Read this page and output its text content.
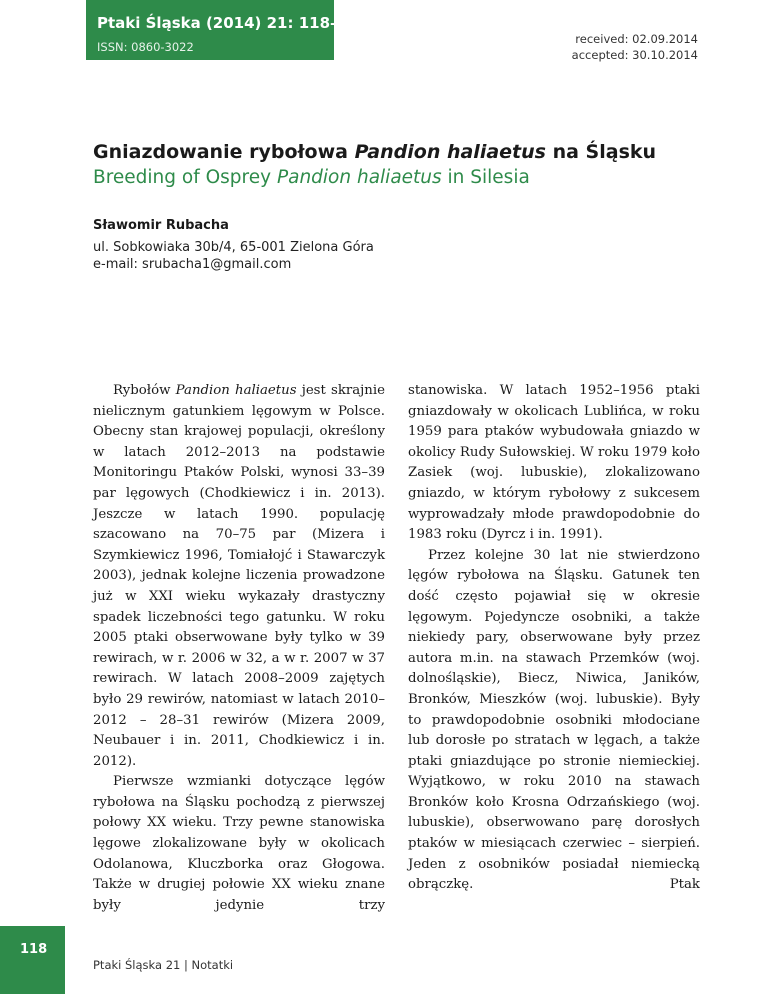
Ptaki Śląska (2014) 21: 118–122
ISSN: 0860-3022
received: 02.09.2014
accepted: 30.10.2014
Gniazdowanie rybołowa Pandion haliaetus na Śląsku
Breeding of Osprey Pandion haliaetus in Silesia
Sławomir Rubacha
ul. Sobkowiaka 30b/4, 65-001 Zielona Góra
e-mail: srubacha1@gmail.com

Rybołów Pandion haliaetus jest skrajnie nielicznym gatunkiem lęgowym w Polsce. Obecny stan krajowej populacji, określony w latach 2012–2013 na podstawie Monitoringu Ptaków Polski, wynosi 33–39 par lęgowych (Chodkiewicz i in. 2013). Jeszcze w latach 1990. populację szacowano na 70–75 par (Mizera i Szymkiewicz 1996, Tomiałojć i Stawarczyk 2003), jednak kolejne liczenia prowadzone już w XXI wieku wykazały drastyczny spadek liczebności tego gatunku. W roku 2005 ptaki obserwowane były tylko w 39 rewirach, w r. 2006 w 32, a w r. 2007 w 37 rewirach. W latach 2008–2009 zajętych było 29 rewirów, natomiast w latach 2010–2012 – 28–31 rewirów (Mizera 2009, Neubauer i in. 2011, Chodkiewicz i in. 2012).

Pierwsze wzmianki dotyczące lęgów rybołowa na Śląsku pochodzą z pierwszej połowy XX wieku. Trzy pewne stanowiska lęgowe zlokalizowane były w okolicach Odolanowa, Kluczborka oraz Głogowa. Także w drugiej połowie XX wieku znane były jedynie trzy

stanowiska. W latach 1952–1956 ptaki gniazdowały w okolicach Lublińca, w roku 1959 para ptaków wybudowała gniazdo w okolicy Rudy Sułowskiej. W roku 1979 koło Zasiek (woj. lubuskie), zlokalizowano gniazdo, w którym rybołowy z sukcesem wyprowadzały młode prawdopodobnie do 1983 roku (Dyrcz i in. 1991).

Przez kolejne 30 lat nie stwierdzono lęgów rybołowa na Śląsku. Gatunek ten dość często pojawiał się w okresie lęgowym. Pojedyncze osobniki, a także niekiedy pary, obserwowane były przez autora m.in. na stawach Przemków (woj. dolnośląskie), Biecz, Niwica, Janików, Bronków, Mieszków (woj. lubuskie). Były to prawdopodobnie osobniki młodociane lub dorosłe po stratach w lęgach, a także ptaki gniazdujące po stronie niemieckiej. Wyjątkowo, w roku 2010 na stawach Bronków koło Krosna Odrzańskiego (woj. lubuskie), obserwowano parę dorosłych ptaków w miesiącach czerwiec – sierpień. Jeden z osobników posiadał niemiecką obrączkę. Ptak

118
Ptaki Śląska 21 | Notatki
